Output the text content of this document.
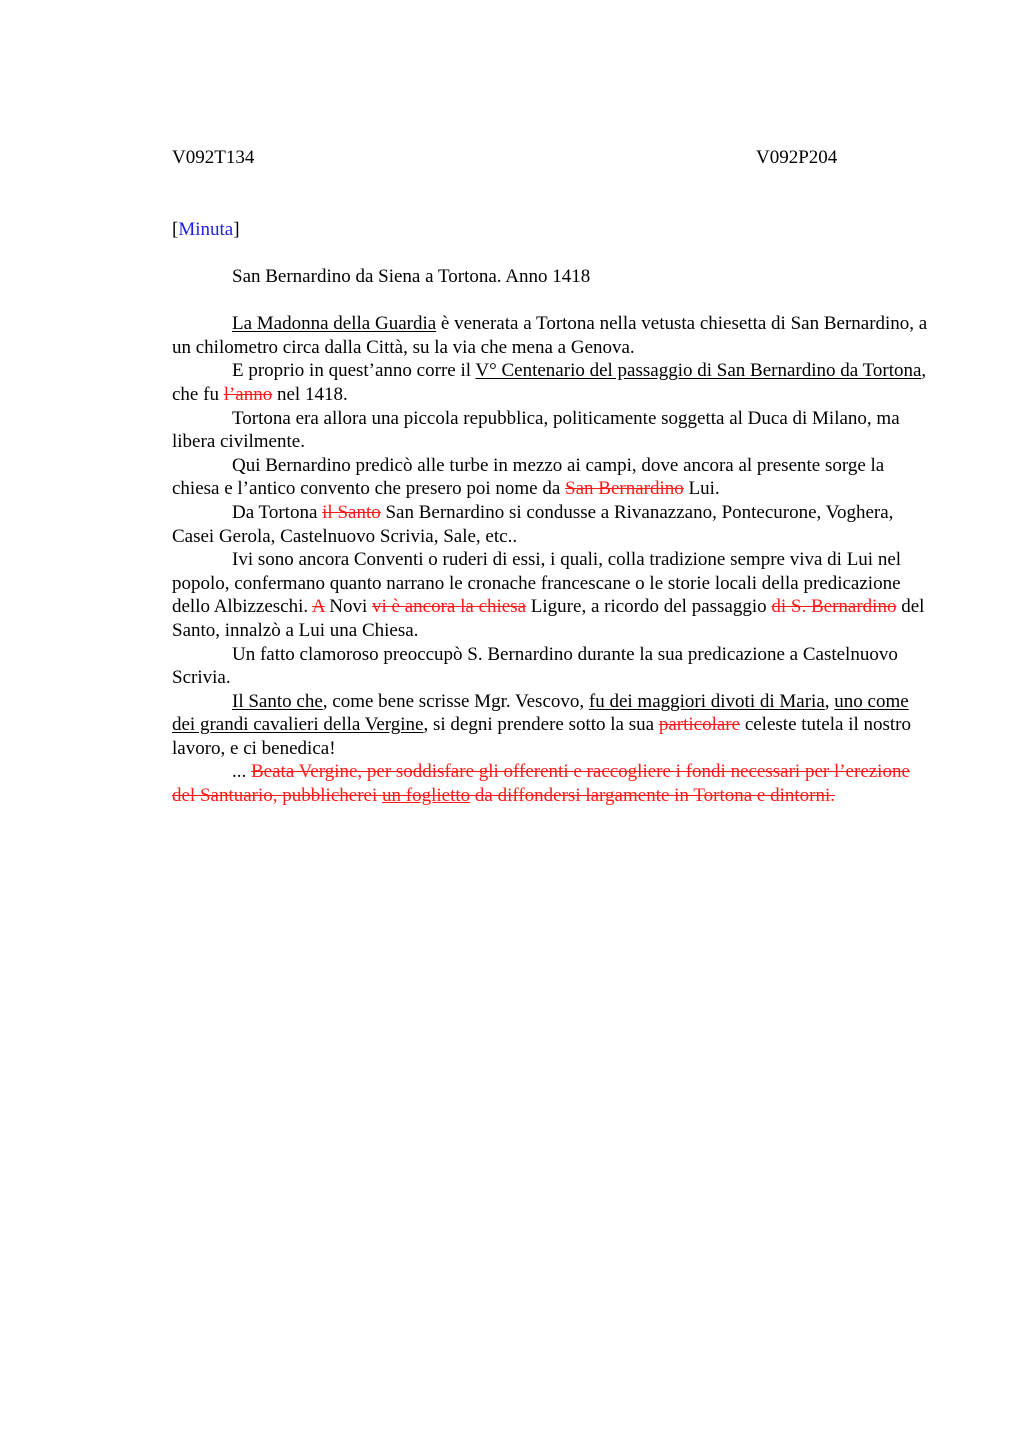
V092T134	V092P204
[Minuta]
San Bernardino da Siena a Tortona. Anno 1418

La Madonna della Guardia è venerata a Tortona nella vetusta chiesetta di San Bernardino, a un chilometro circa dalla Città, su la via che mena a Genova.

E proprio in quest’anno corre il V° Centenario del passaggio di San Bernardino da Tortona, che fu l’anno nel 1418.

Tortona era allora una piccola repubblica, politicamente soggetta al Duca di Milano, ma libera civilmente.

Qui Bernardino predicò alle turbe in mezzo ai campi, dove ancora al presente sorge la chiesa e l’antico convento che presero poi nome da San Bernardino Lui.

Da Tortona il Santo San Bernardino si condusse a Rivanazzano, Pontecurone, Voghera, Casei Gerola, Castelnuovo Scrivia, Sale, etc..

Ivi sono ancora Conventi o ruderi di essi, i quali, colla tradizione sempre viva di Lui nel popolo, confermano quanto narrano le cronache francescane o le storie locali della predicazione dello Albizzeschi. A Novi vi è ancora la chiesa Ligure, a ricordo del passaggio di S. Bernardino del Santo, innalzò a Lui una Chiesa.

Un fatto clamoroso preoccupò S. Bernardino durante la sua predicazione a Castelnuovo Scrivia.

Il Santo che, come bene scrisse Mgr. Vescovo, fu dei maggiori divoti di Maria, uno come dei grandi cavalieri della Vergine, si degni prendere sotto la sua particolare celeste tutela il nostro lavoro, e ci benedica!

... Beata Vergine, per soddisfare gli offerenti e raccogliere i fondi necessari per l’erezione del Santuario, pubblicherei un foglietto da diffondersi largamente in Tortona e dintorni.
